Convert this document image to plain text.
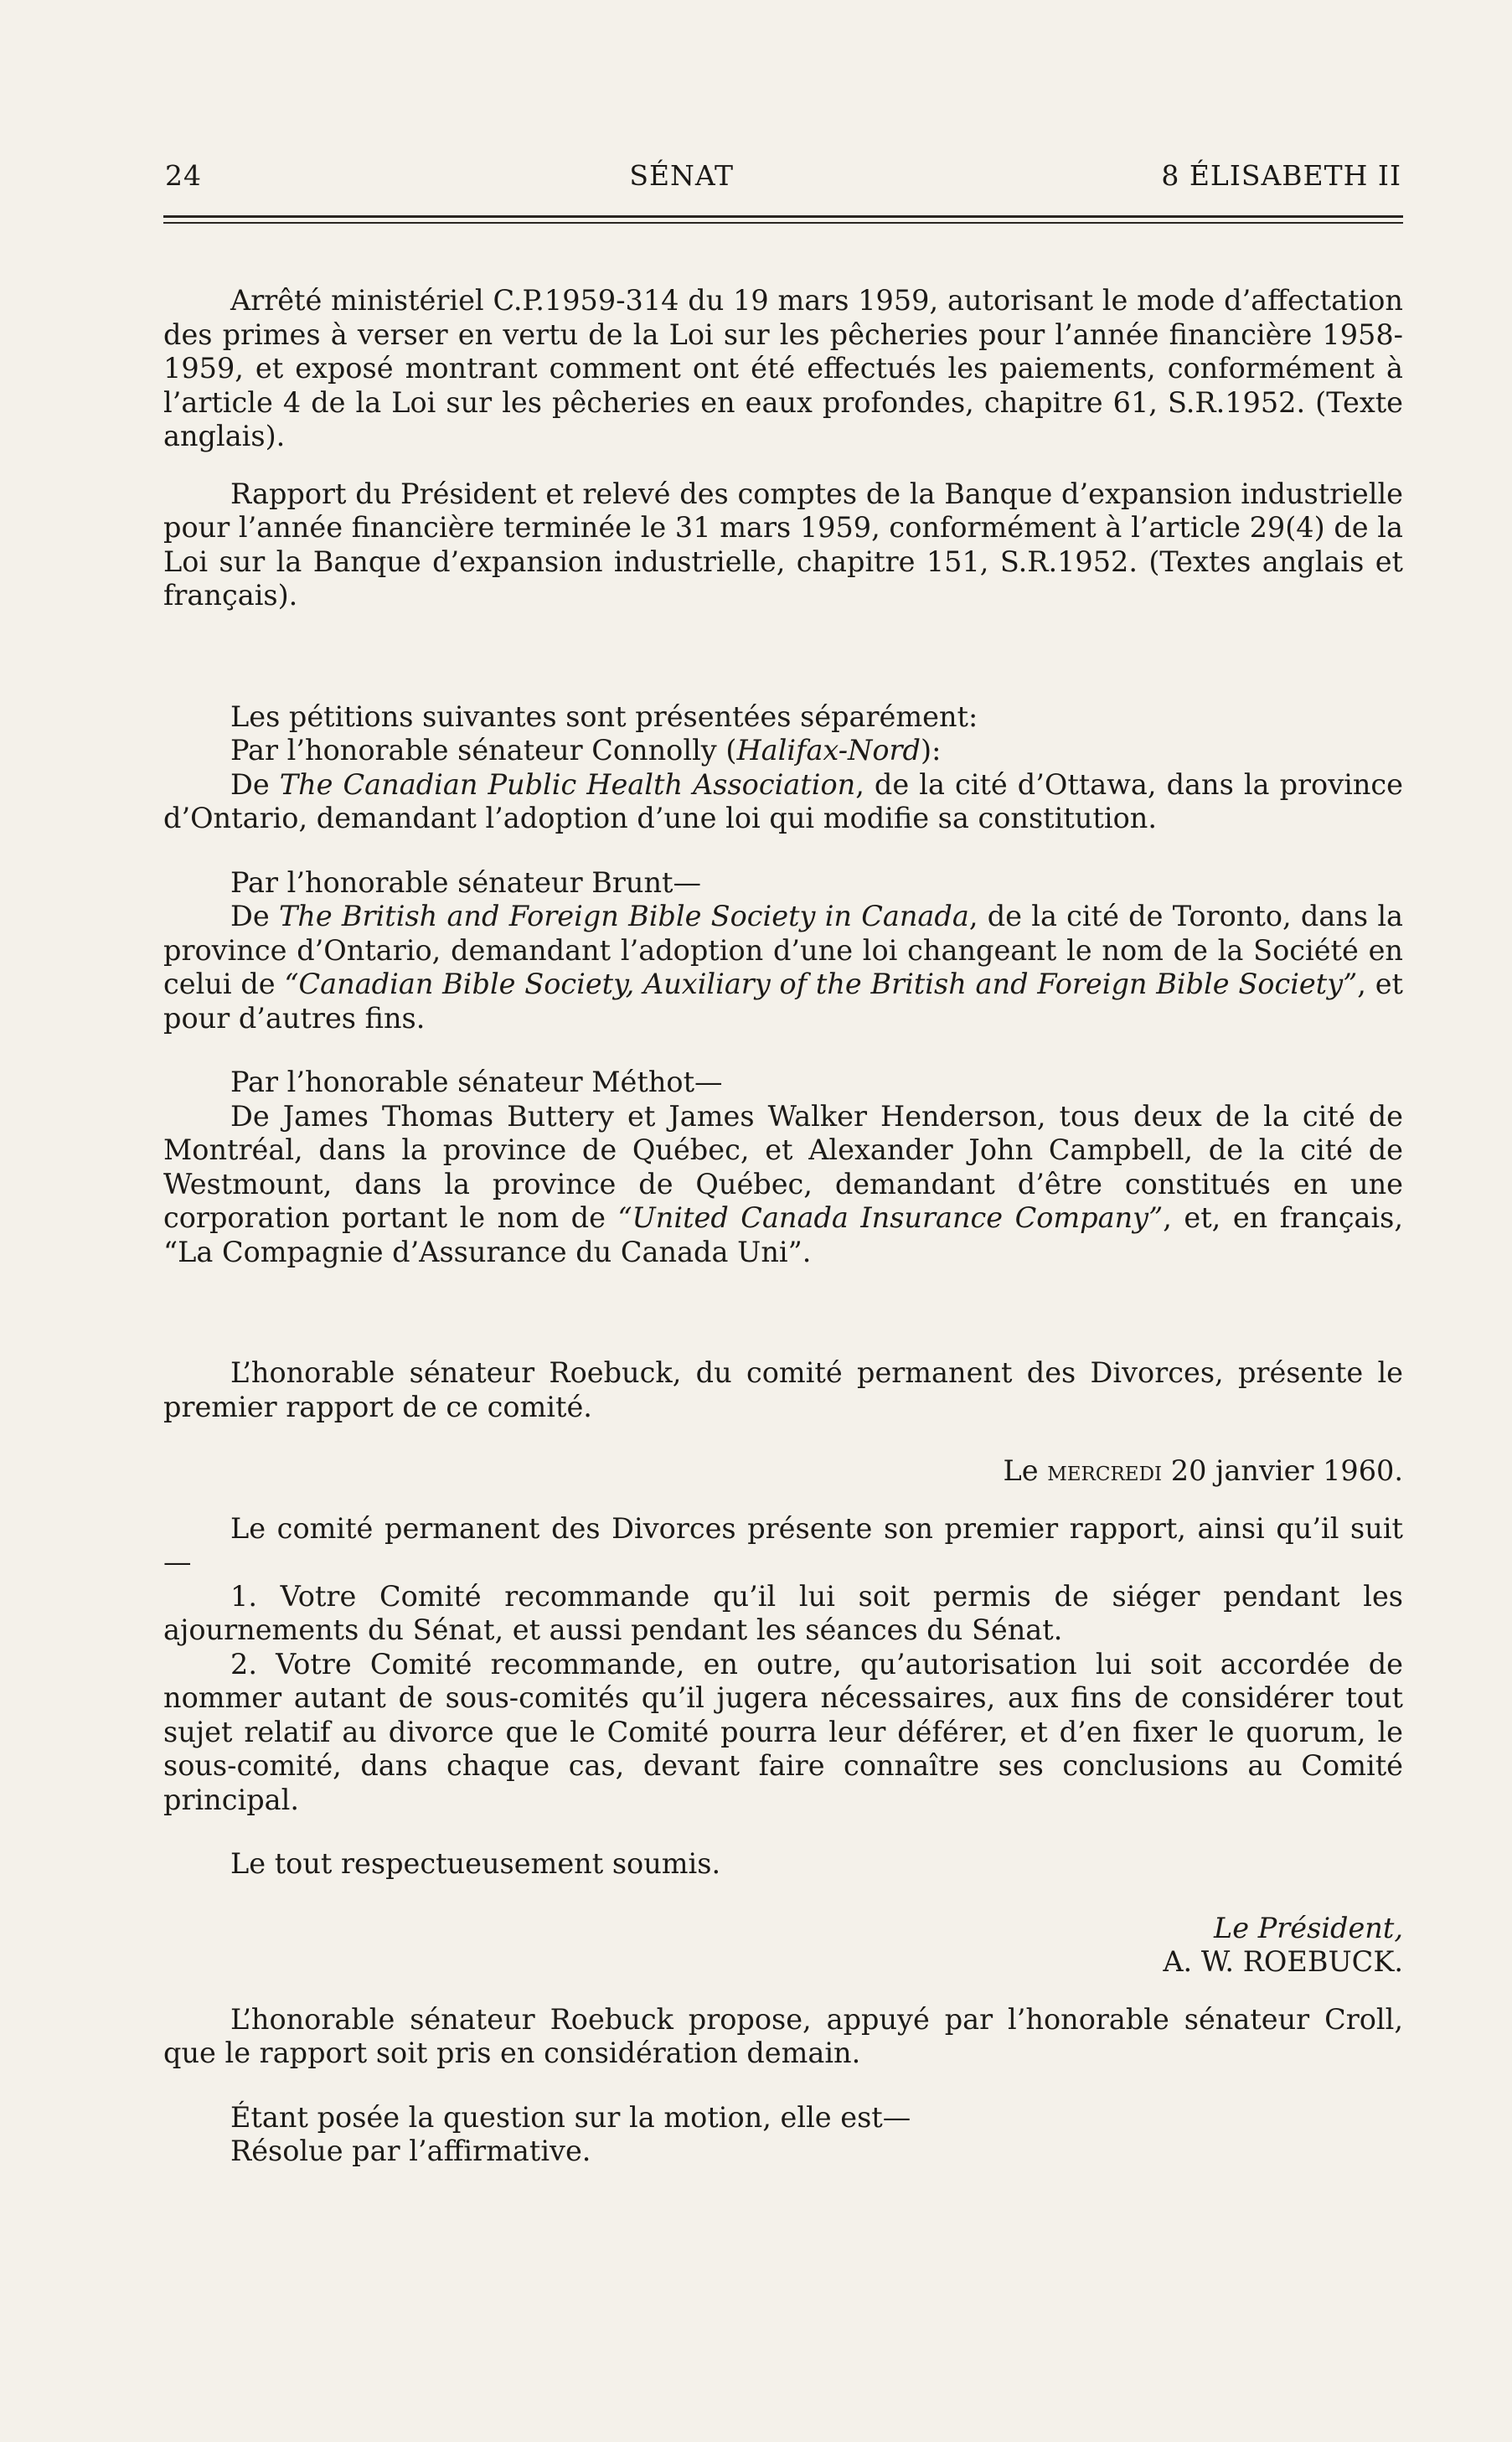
24	SÉNAT	8 ÉLISABETH II

Arrêté ministériel C.P.1959-314 du 19 mars 1959, autorisant le mode d’affectation des primes à verser en vertu de la Loi sur les pêcheries pour l’année financière 1958-1959, et exposé montrant comment ont été effectués les paiements, conformément à l’article 4 de la Loi sur les pêcheries en eaux profondes, chapitre 61, S.R.1952. (Texte anglais).

Rapport du Président et relevé des comptes de la Banque d’expansion industrielle pour l’année financière terminée le 31 mars 1959, conformément à l’article 29(4) de la Loi sur la Banque d’expansion industrielle, chapitre 151, S.R.1952. (Textes anglais et français).

Les pétitions suivantes sont présentées séparément:

Par l’honorable sénateur Connolly (Halifax-Nord):

De The Canadian Public Health Association, de la cité d’Ottawa, dans la province d’Ontario, demandant l’adoption d’une loi qui modifie sa constitution.

Par l’honorable sénateur Brunt—

De The British and Foreign Bible Society in Canada, de la cité de Toronto, dans la province d’Ontario, demandant l’adoption d’une loi changeant le nom de la Société en celui de “Canadian Bible Society, Auxiliary of the British and Foreign Bible Society”, et pour d’autres fins.

Par l’honorable sénateur Méthot—

De James Thomas Buttery et James Walker Henderson, tous deux de la cité de Montréal, dans la province de Québec, et Alexander John Campbell, de la cité de Westmount, dans la province de Québec, demandant d’être constitués en une corporation portant le nom de “United Canada Insurance Company”, et, en français, “La Compagnie d’Assurance du Canada Uni”.

L’honorable sénateur Roebuck, du comité permanent des Divorces, présente le premier rapport de ce comité.

Le mercredi 20 janvier 1960.

Le comité permanent des Divorces présente son premier rapport, ainsi qu’il suit—

1. Votre Comité recommande qu’il lui soit permis de siéger pendant les ajournements du Sénat, et aussi pendant les séances du Sénat.

2. Votre Comité recommande, en outre, qu’autorisation lui soit accordée de nommer autant de sous-comités qu’il jugera nécessaires, aux fins de considérer tout sujet relatif au divorce que le Comité pourra leur déférer, et d’en fixer le quorum, le sous-comité, dans chaque cas, devant faire connaître ses conclusions au Comité principal.

Le tout respectueusement soumis.

Le Président,
A. W. ROEBUCK.

L’honorable sénateur Roebuck propose, appuyé par l’honorable sénateur Croll, que le rapport soit pris en considération demain.

Étant posée la question sur la motion, elle est—

Résolue par l’affirmative.
